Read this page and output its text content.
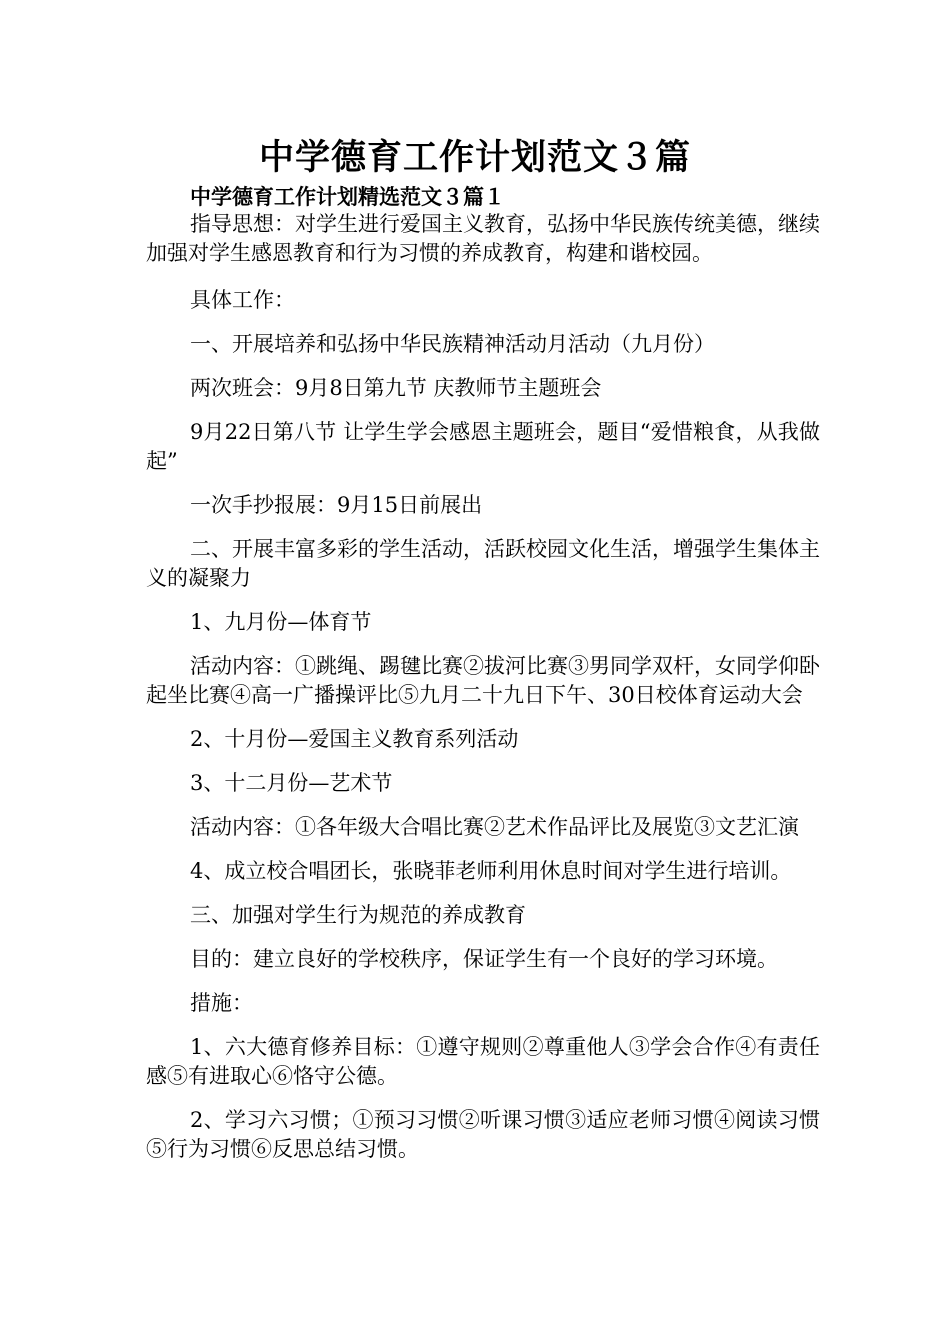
中学德育工作计划范文３篇
中学德育工作计划精选范文３篇１

指导思想：对学生进行爱国主义教育，弘扬中华民族传统美德，继续加强对学生感恩教育和行为习惯的养成教育，构建和谐校园。

具体工作：

一、开展培养和弘扬中华民族精神活动月活动（九月份）

两次班会：9月8日第九节 庆教师节主题班会

9月22日第八节 让学生学会感恩主题班会，题目“爱惜粮食，从我做起”

一次手抄报展：9月15日前展出

二、开展丰富多彩的学生活动，活跃校园文化生活，增强学生集体主义的凝聚力

1、九月份—体育节

活动内容：①跳绳、踢毽比赛②拔河比赛③男同学双杆，女同学仰卧起坐比赛④高一广播操评比⑤九月二十九日下午、30日校体育运动大会

2、十月份—爱国主义教育系列活动

3、十二月份—艺术节

活动内容：①各年级大合唱比赛②艺术作品评比及展览③文艺汇演

4、成立校合唱团长，张晓菲老师利用休息时间对学生进行培训。

三、加强对学生行为规范的养成教育

目的：建立良好的学校秩序，保证学生有一个良好的学习环境。

措施：

1、六大德育修养目标：①遵守规则②尊重他人③学会合作④有责任感⑤有进取心⑥恪守公德。

2、学习六习惯；①预习习惯②听课习惯③适应老师习惯④阅读习惯⑤行为习惯⑥反思总结习惯。
